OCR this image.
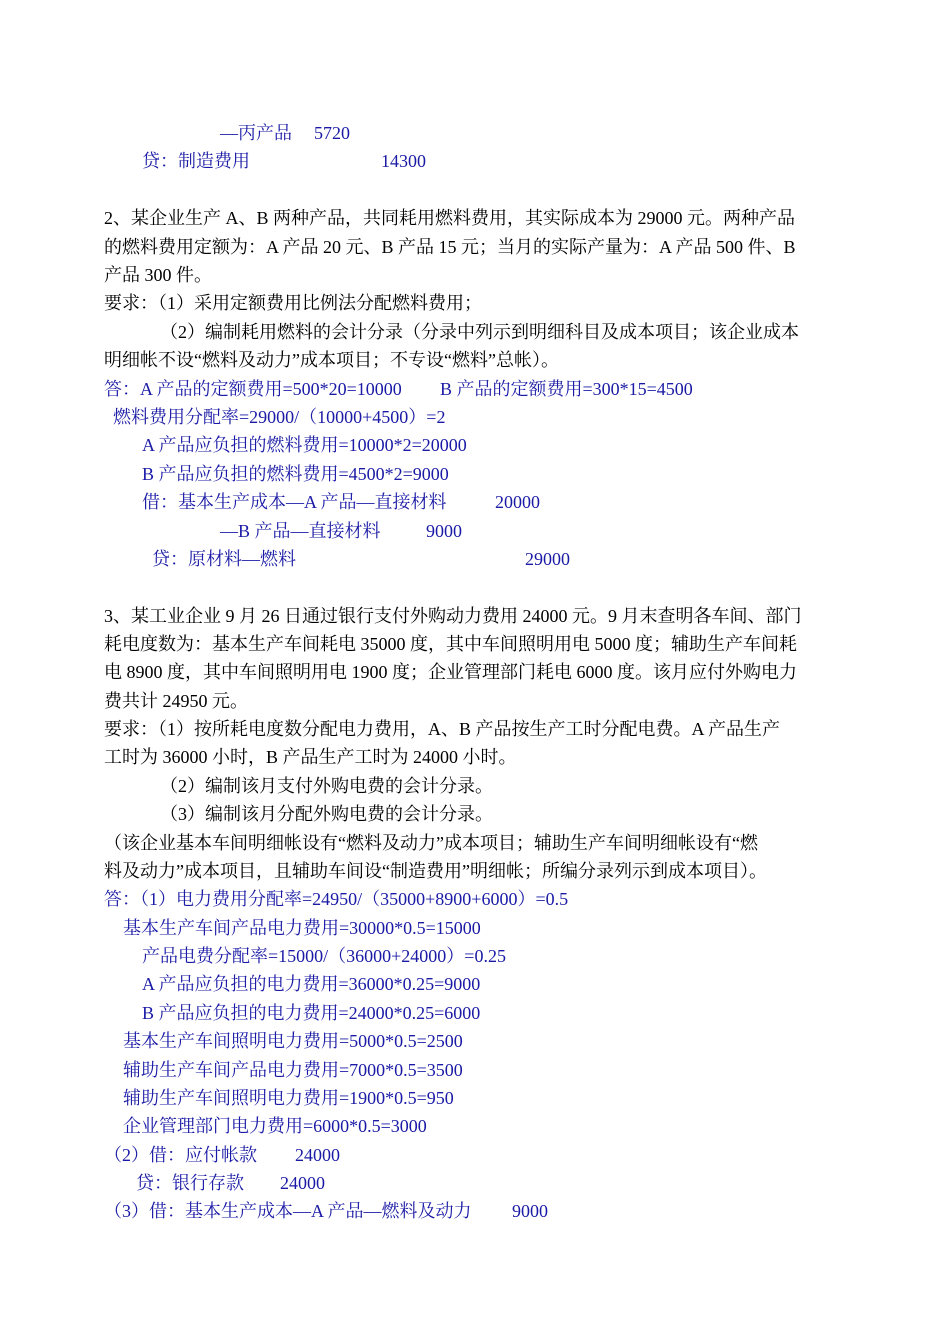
—丙产品 5720
贷：制造费用	14300
2、某企业生产 A、B 两种产品，共同耗用燃料费用，其实际成本为 29000 元。两种产品
的燃料费用定额为：A 产品 20 元、B 产品 15 元；当月的实际产量为：A 产品 500 件、B
产品 300 件。
要求：（1）采用定额费用比例法分配燃料费用；
（2）编制耗用燃料的会计分录（分录中列示到明细科目及成本项目；该企业成本
明细帐不设“燃料及动力”成本项目；不专设“燃料”总帐）。
答：A 产品的定额费用=500*20=10000 B 产品的定额费用=300*15=4500
燃料费用分配率=29000/（10000+4500）=2
A 产品应负担的燃料费用=10000*2=20000
B 产品应负担的燃料费用=4500*2=9000
借：基本生产成本—A 产品—直接材料	20000
—B 产品—直接材料	9000
贷：原材料—燃料	29000
3、某工业企业 9 月 26 日通过银行支付外购动力费用 24000 元。9 月末查明各车间、部门
耗电度数为：基本生产车间耗电 35000 度，其中车间照明用电 5000 度；辅助生产车间耗
电 8900 度，其中车间照明用电 1900 度；企业管理部门耗电 6000 度。该月应付外购电力
费共计 24950 元。
要求：（1）按所耗电度数分配电力费用，A、B 产品按生产工时分配电费。A 产品生产
工时为 36000 小时，B 产品生产工时为 24000 小时。
（2）编制该月支付外购电费的会计分录。
（3）编制该月分配外购电费的会计分录。
（该企业基本车间明细帐设有“燃料及动力”成本项目；辅助生产车间明细帐设有“燃
料及动力”成本项目，且辅助车间设“制造费用”明细帐；所编分录列示到成本项目）。
答：（1）电力费用分配率=24950/（35000+8900+6000）=0.5
基本生产车间产品电力费用=30000*0.5=15000
产品电费分配率=15000/（36000+24000）=0.25
A 产品应负担的电力费用=36000*0.25=9000
B 产品应负担的电力费用=24000*0.25=6000
基本生产车间照明电力费用=5000*0.5=2500
辅助生产车间产品电力费用=7000*0.5=3500
辅助生产车间照明电力费用=1900*0.5=950
企业管理部门电力费用=6000*0.5=3000
（2）借：应付帐款 24000
贷：银行存款 24000
（3）借：基本生产成本—A 产品—燃料及动力 9000
